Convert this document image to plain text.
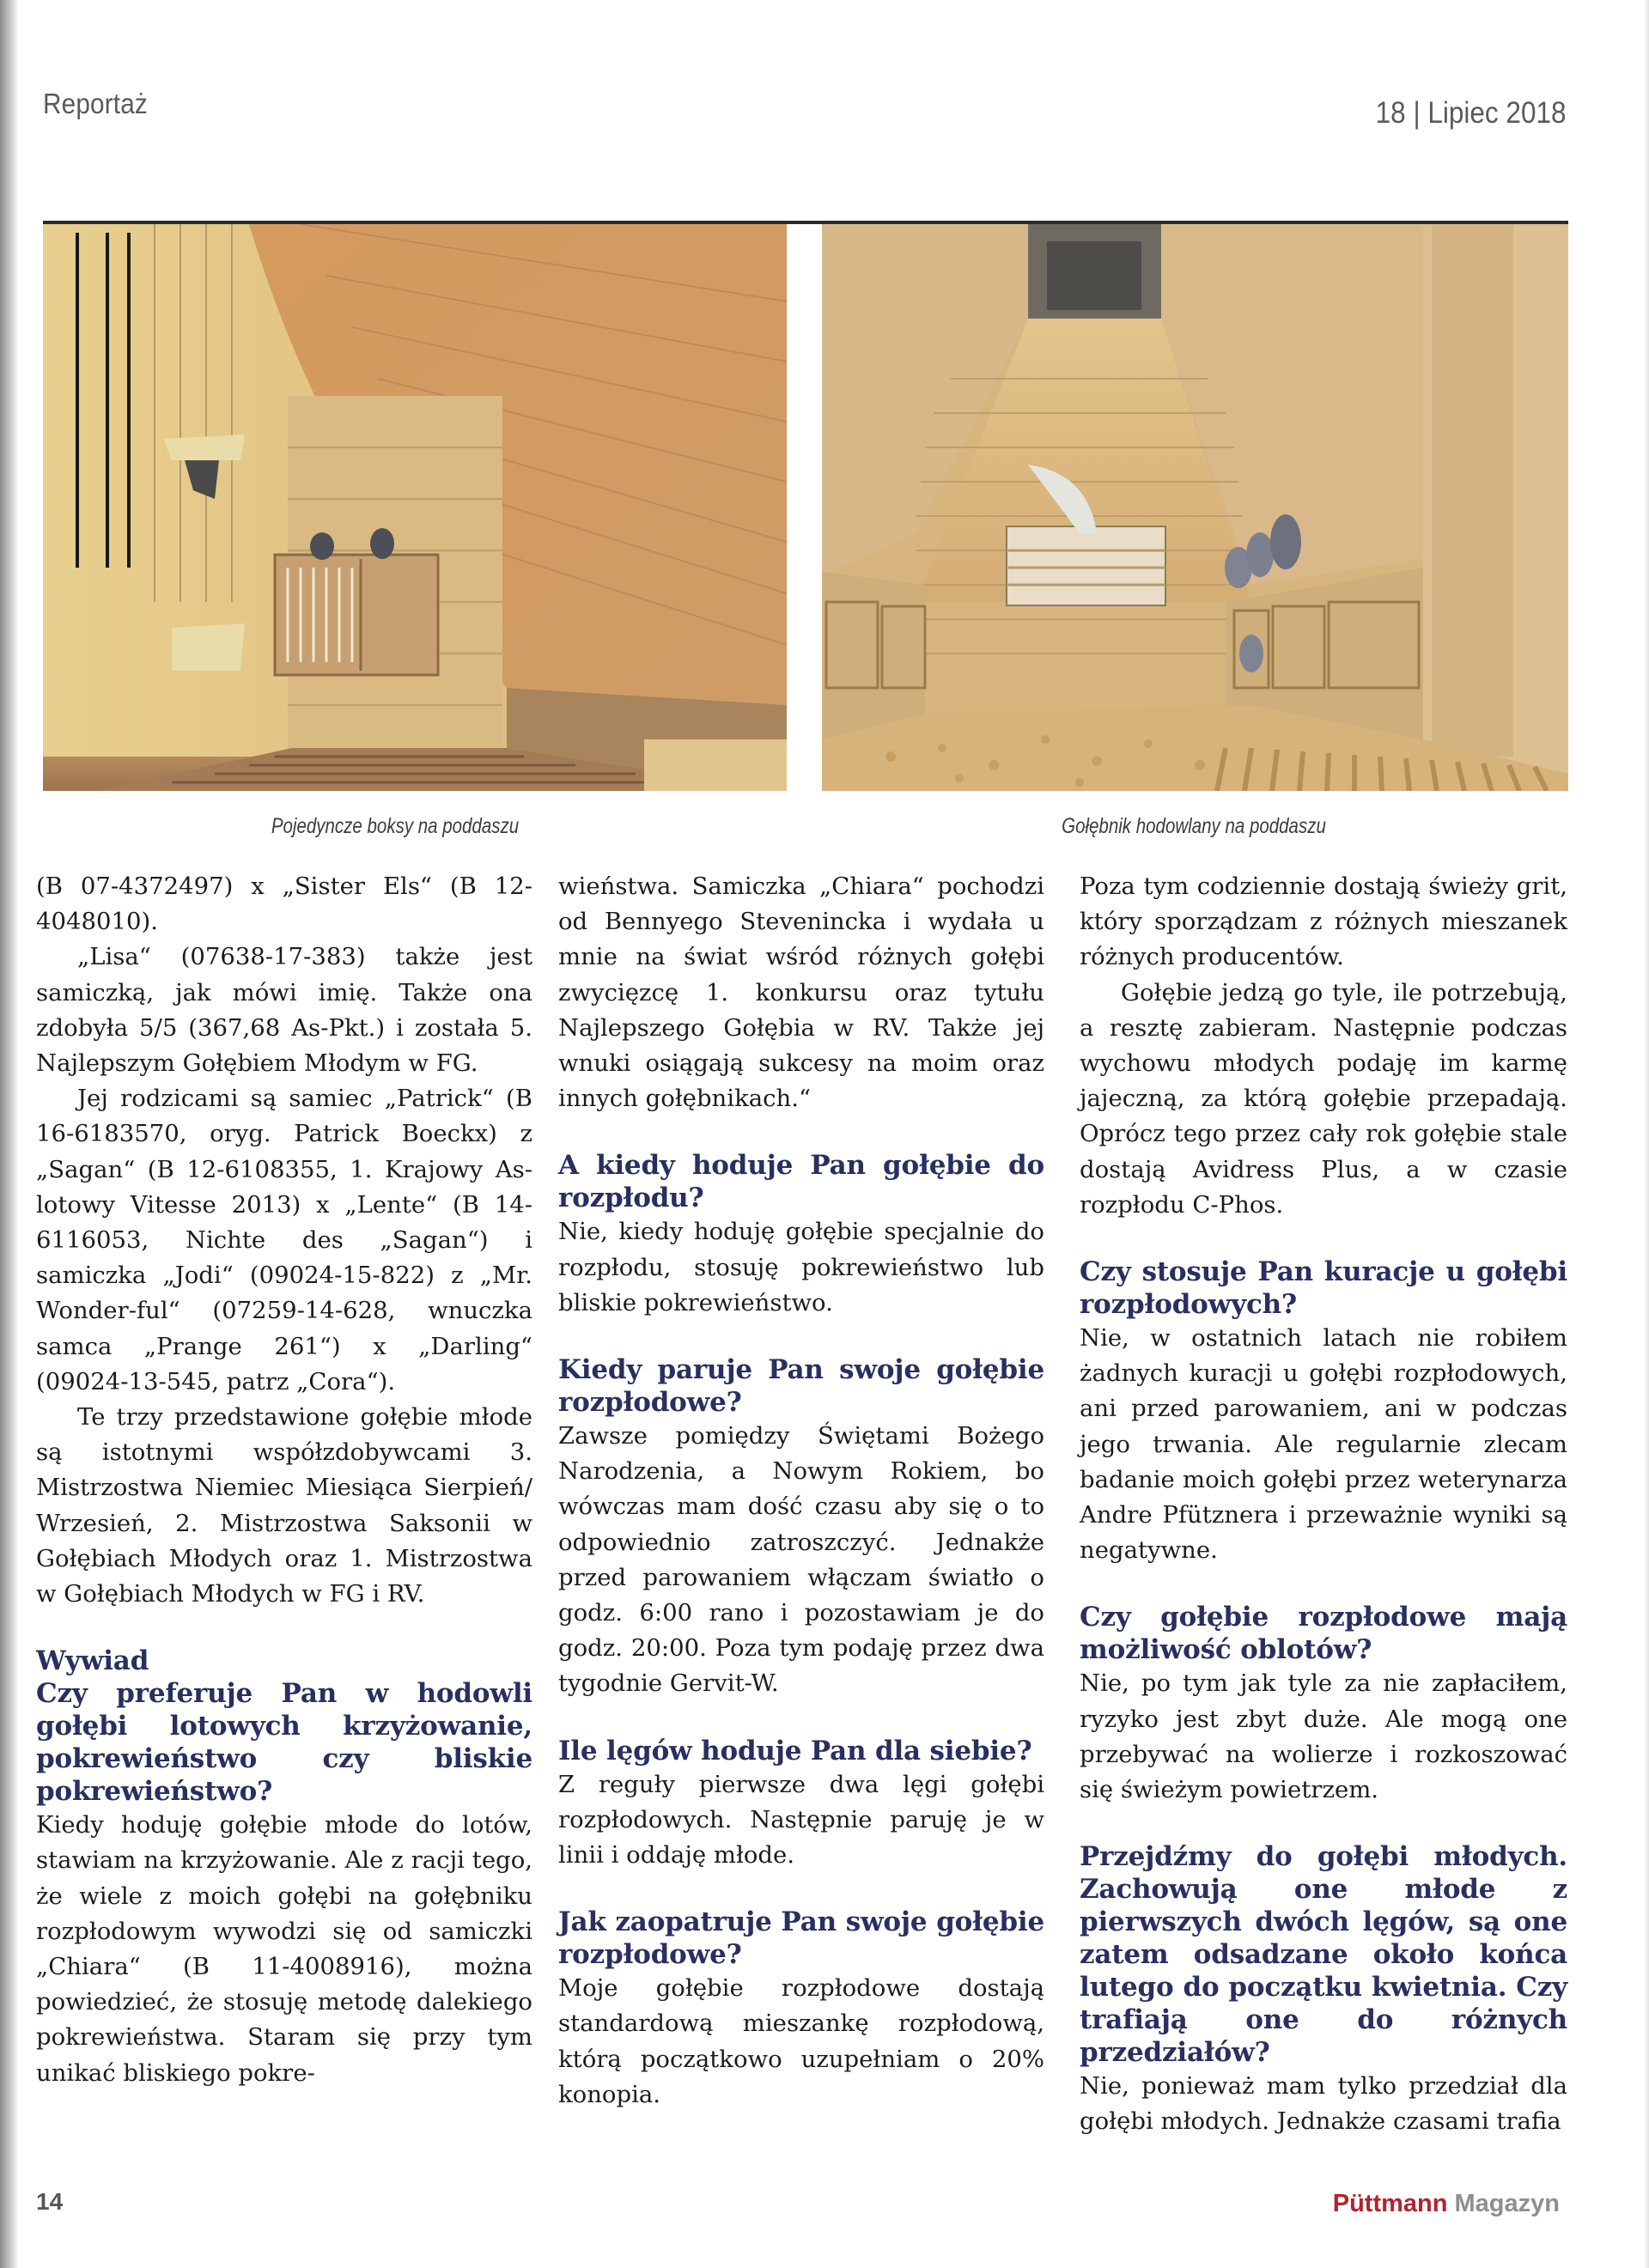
Reportaż	18 | Lipiec 2018
Pojedyncze boksy na poddaszu	Gołębnik hodowlany na poddaszu

(B 07-4372497) x „Sister Els“ (B 12-4048010).

„Lisa“ (07638-17-383) także jest samiczką, jak mówi imię. Także ona zdobyła 5/5 (367,68 As-Pkt.) i została 5. Najlepszym Gołębiem Młodym w FG.

Jej rodzicami są samiec „Patrick“ (B 16-6183570, oryg. Patrick Boeckx) z „Sagan“ (B 12-6108355, 1. Krajowy As-lotowy Vitesse 2013) x „Lente“ (B 14-6116053, Nichte des „Sagan“) i samiczka „Jodi“ (09024-15-822) z „Mr. Wonder-ful“ (07259-14-628, wnuczka samca „Prange 261“) x „Darling“ (09024-13-545, patrz „Cora“).

Te trzy przedstawione gołębie młode są istotnymi współzdobywcami 3. Mistrzostwa Niemiec Miesiąca Sierpień/ Wrzesień, 2. Mistrzostwa Saksonii w Gołębiach Młodych oraz 1. Mistrzostwa w Gołębiach Młodych w FG i RV.

Wywiad
Czy preferuje Pan w hodowli gołębi lotowych krzyżowanie, pokrewieństwo czy bliskie pokrewieństwo?

Kiedy hoduję gołębie młode do lotów, stawiam na krzyżowanie. Ale z racji tego, że wiele z moich gołębi na gołębniku rozpłodowym wywodzi się od samiczki „Chiara“ (B 11-4008916), można powiedzieć, że stosuję metodę dalekiego pokrewieństwa. Staram się przy tym unikać bliskiego pokre-

wieństwa. Samiczka „Chiara“ pochodzi od Bennyego Stevenincka i wydała u mnie na świat wśród różnych gołębi zwycięzcę 1. konkursu oraz tytułu Najlepszego Gołębia w RV. Także jej wnuki osiągają sukcesy na moim oraz innych gołębnikach.“

A kiedy hoduje Pan gołębie do rozpłodu?

Nie, kiedy hoduję gołębie specjalnie do rozpłodu, stosuję pokrewieństwo lub bliskie pokrewieństwo.

Kiedy paruje Pan swoje gołębie rozpłodowe?

Zawsze pomiędzy Świętami Bożego Narodzenia, a Nowym Rokiem, bo wówczas mam dość czasu aby się o to odpowiednio zatroszczyć. Jednakże przed parowaniem włączam światło o godz. 6:00 rano i pozostawiam je do godz. 20:00. Poza tym podaję przez dwa tygodnie Gervit-W.

Ile lęgów hoduje Pan dla siebie?

Z reguły pierwsze dwa lęgi gołębi rozpłodowych. Następnie paruję je w linii i oddaję młode.

Jak zaopatruje Pan swoje gołębie rozpłodowe?

Moje gołębie rozpłodowe dostają standardową mieszankę rozpłodową, którą początkowo uzupełniam o 20% konopia.

Poza tym codziennie dostają świeży grit, który sporządzam z różnych mieszanek różnych producentów.

Gołębie jedzą go tyle, ile potrzebują, a resztę zabieram. Następnie podczas wychowu młodych podaję im karmę jajeczną, za którą gołębie przepadają. Oprócz tego przez cały rok gołębie stale dostają Avidress Plus, a w czasie rozpłodu C-Phos.

Czy stosuje Pan kuracje u gołębi rozpłodowych?

Nie, w ostatnich latach nie robiłem żadnych kuracji u gołębi rozpłodowych, ani przed parowaniem, ani w podczas jego trwania. Ale regularnie zlecam badanie moich gołębi przez weterynarza Andre Pfütznera i przeważnie wyniki są negatywne.

Czy gołębie rozpłodowe mają możliwość oblotów?

Nie, po tym jak tyle za nie zapłaciłem, ryzyko jest zbyt duże. Ale mogą one przebywać na wolierze i rozkoszować się świeżym powietrzem.

Przejdźmy do gołębi młodych. Zachowują one młode z pierwszych dwóch lęgów, są one zatem odsadzane około końca lutego do początku kwietnia. Czy trafiają one do różnych przedziałów?

Nie, ponieważ mam tylko przedział dla gołębi młodych. Jednakże czasami trafia

14	Püttmann Magazyn
